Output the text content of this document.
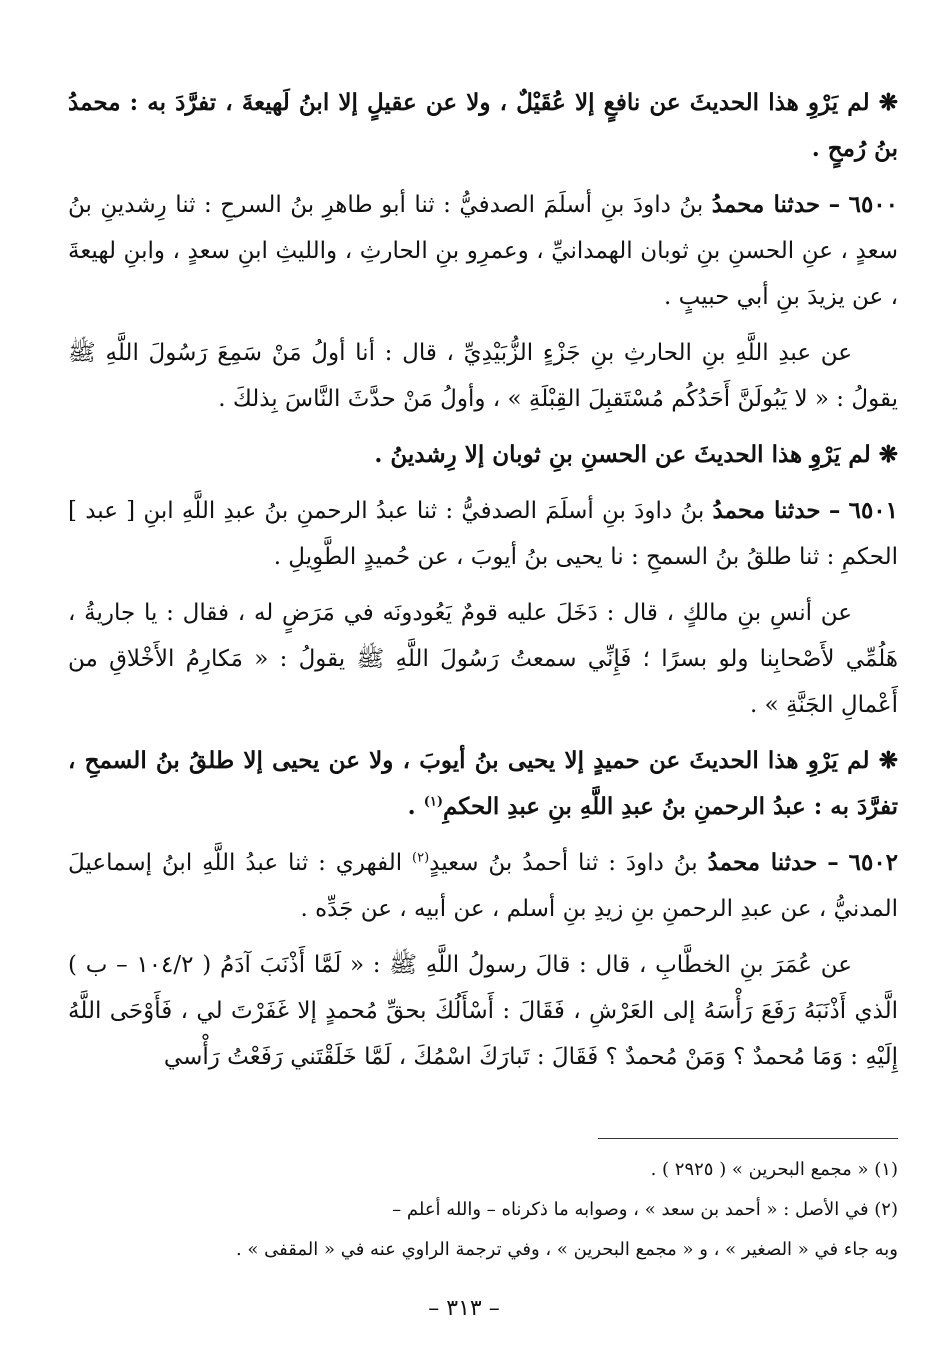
❋ لم يَرْوِ هذا الحديثَ عن نافعٍ إلا عُقَيْلٌ ، ولا عن عقيلٍ إلا ابنُ لَهيعةَ ، تفرَّدَ به : محمدُ بنُ رُمحٍ .

٦٥٠٠ – حدثنا محمدُ بنُ داودَ بنِ أسلَمَ الصدفيُّ : ثنا أبو طاهرِ بنُ السرحِ : ثنا رِشدينِ بنُ سعدٍ ، عنِ الحسنِ بنِ ثوبان الهمدانيِّ ، وعمرِو بنِ الحارثِ ، والليثِ ابنِ سعدٍ ، وابنِ لهيعةَ ، عن يزيدَ بنِ أبي حبيبٍ .

عن عبدِ اللَّهِ بنِ الحارثِ بنِ جَزْءٍ الزُّبَيْدِيِّ ، قال : أنا أولُ مَنْ سَمِعَ رَسُولَ اللَّهِ ﷺ يقولُ : « لا يَبُولَنَّ أَحَدُكُم مُسْتَقبِلَ القِبْلَةِ » ، وأولُ مَنْ حدَّثَ النَّاسَ بِذلكَ .

❋ لم يَرْوِ هذا الحديثَ عن الحسنِ بنِ ثوبان إلا رِشدينُ .

٦٥٠١ – حدثنا محمدُ بنُ داودَ بنِ أسلَمَ الصدفيُّ : ثنا عبدُ الرحمنِ بنُ عبدِ اللَّهِ ابنِ [ عبد ] الحكمِ : ثنا طلقُ بنُ السمحِ : نا يحيى بنُ أيوبَ ، عن حُميدٍ الطَّوِيلِ .

عن أنسِ بنِ مالكٍ ، قال : دَخَلَ عليه قومٌ يَعُودونَه في مَرَضٍ له ، فقال : يا جاريةُ ، هَلُمِّي لأَصْحابِنا ولو بسرًا ؛ فَإِنِّي سمعتُ رَسُولَ اللَّهِ ﷺ يقولُ : « مَكارِمُ الأَخْلاقِ من أَعْمالِ الجَنَّةِ » .

❋ لم يَرْوِ هذا الحديثَ عن حميدٍ إلا يحيى بنُ أيوبَ ، ولا عن يحيى إلا طلقُ بنُ السمحِ ، تفرَّدَ به : عبدُ الرحمنِ بنُ عبدِ اللَّهِ بنِ عبدِ الحكمِ$^{(١)}$ .

٦٥٠٢ – حدثنا محمدُ بنُ داودَ : ثنا أحمدُ بنُ سعيدٍ$^{(٢)}$ الفهري : ثنا عبدُ اللَّهِ ابنُ إسماعيلَ المدنيُّ ، عن عبدِ الرحمنِ بنِ زيدِ بنِ أسلم ، عن أبيه ، عن جَدِّه .

عن عُمَرَ بنِ الخطَّابِ ، قال : قالَ رسولُ اللَّهِ ﷺ : « لَمَّا أَذْنَبَ آدَمُ ( ١٠٤/٢ – ب ) الَّذي أَذْنَبَهُ رَفَعَ رَأْسَهُ إلى العَرْشِ ، فَقَالَ : أَسْأَلُكَ بحقِّ مُحمدٍ إلا غَفَرْتَ لي ، فَأَوْحَى اللَّهُ إِلَيْهِ : وَمَا مُحمدٌ ؟ وَمَنْ مُحمدٌ ؟ فَقَالَ : تَبارَكَ اسْمُكَ ، لَمَّا خَلَقْتَني رَفَعْتُ رَأْسي

(١) « مجمع البحرين » ( ٢٩٢٥ ) .

(٢) في الأصل : « أحمد بن سعد » ، وصوابه ما ذكرناه – والله أعلم –

وبه جاء في « الصغير » ، و « مجمع البحرين » ، وفي ترجمة الراوي عنه في « المقفى » .

– ٣١٣ –
